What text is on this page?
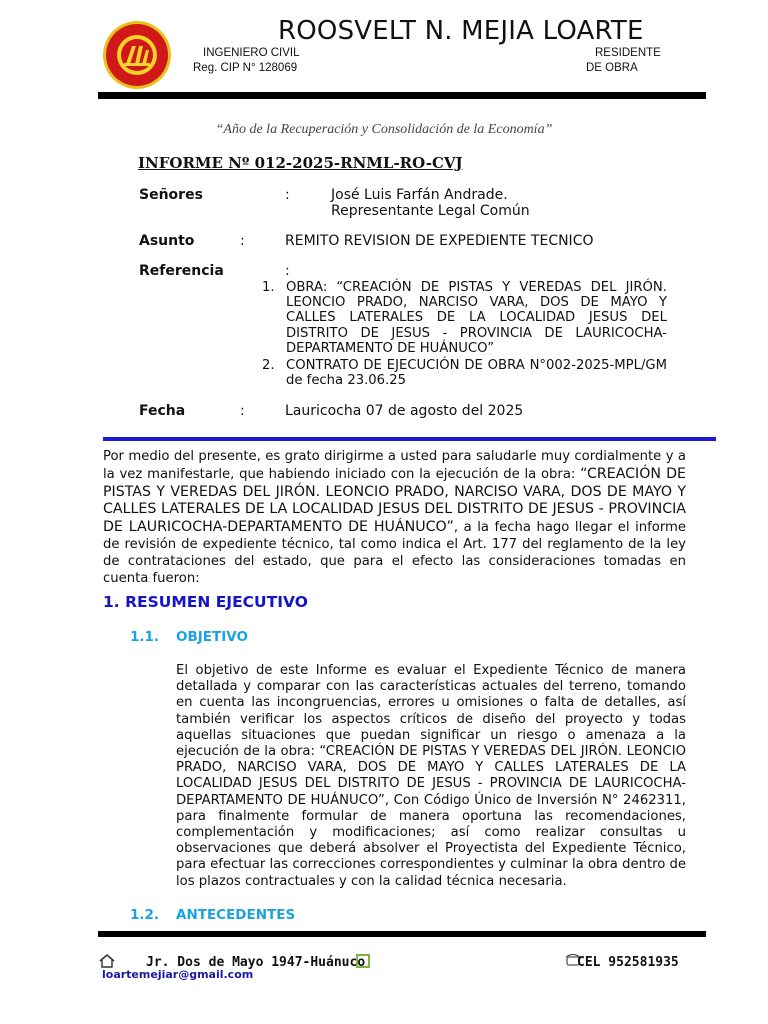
ROOSVELT N. MEJIA LOARTE
INGENIERO CIVIL
Reg. CIP N° 128069
RESIDENTE
DE OBRA
“Año de la Recuperación y Consolidación de la Economía”
INFORME Nº 012-2025-RNML-RO-CVJ
Señores	:	José Luis Farfán Andrade.
Representante Legal Común
Asunto	:	REMITO REVISION DE EXPEDIENTE TECNICO
Referencia	:
1. OBRA: “CREACIÓN DE PISTAS Y VEREDAS DEL JIRÓN. LEONCIO PRADO, NARCISO VARA, DOS DE MAYO Y CALLES LATERALES DE LA LOCALIDAD JESUS DEL DISTRITO DE JESUS - PROVINCIA DE LAURICOCHA-DEPARTAMENTO DE HUÁNUCO”
2. CONTRATO DE EJECUCIÓN DE OBRA N°002-2025-MPL/GM de fecha 23.06.25
Fecha	:	Lauricocha 07 de agosto del 2025
Por medio del presente, es grato dirigirme a usted para saludarle muy cordialmente y a la vez manifestarle, que habiendo iniciado con la ejecución de la obra: “CREACIÓN DE PISTAS Y VEREDAS DEL JIRÓN. LEONCIO PRADO, NARCISO VARA, DOS DE MAYO Y CALLES LATERALES DE LA LOCALIDAD JESUS DEL DISTRITO DE JESUS - PROVINCIA DE LAURICOCHA-DEPARTAMENTO DE HUÁNUCO”, a la fecha hago llegar el informe de revisión de expediente técnico, tal como indica el Art. 177 del reglamento de la ley de contrataciones del estado, que para el efecto las consideraciones tomadas en cuenta fueron:
1. RESUMEN EJECUTIVO
1.1. OBJETIVO
El objetivo de este Informe es evaluar el Expediente Técnico de manera detallada y comparar con las características actuales del terreno, tomando en cuenta las incongruencias, errores u omisiones o falta de detalles, así también verificar los aspectos críticos de diseño del proyecto y todas aquellas situaciones que puedan significar un riesgo o amenaza a la ejecución de la obra: “CREACIÓN DE PISTAS Y VEREDAS DEL JIRÓN. LEONCIO PRADO, NARCISO VARA, DOS DE MAYO Y CALLES LATERALES DE LA LOCALIDAD JESUS DEL DISTRITO DE JESUS - PROVINCIA DE LAURICOCHA-DEPARTAMENTO DE HUÁNUCO”, Con Código Único de Inversión N° 2462311, para finalmente formular de manera oportuna las recomendaciones, complementación y modificaciones; así como realizar consultas u observaciones que deberá absolver el Proyectista del Expediente Técnico, para efectuar las correcciones correspondientes y culminar la obra dentro de los plazos contractuales y con la calidad técnica necesaria.
1.2. ANTECEDENTES
Jr. Dos de Mayo 1947-Huánuco	CEL 952581935
loartemejiar@gmail.com
